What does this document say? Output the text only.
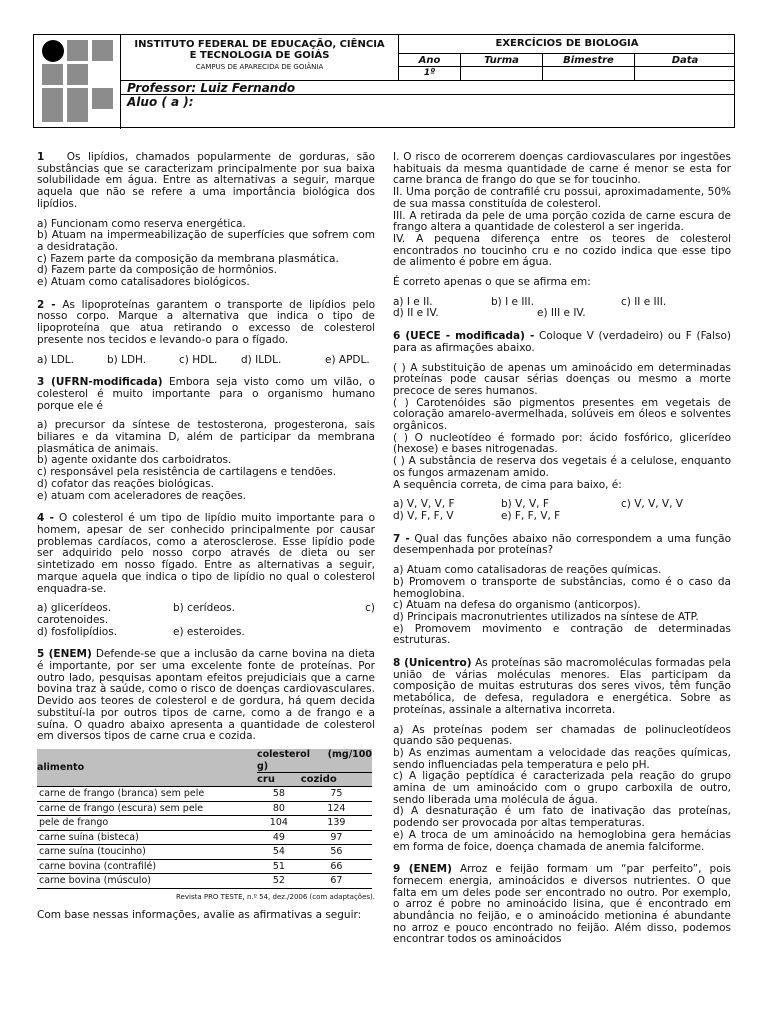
INSTITUTO FEDERAL DE EDUCAÇÃO, CIÊNCIA
E TECNOLOGIA DE GOIÁS
CAMPUS DE APARECIDA DE GOIÂNIA
EXERCÍCIOS DE BIOLOGIA
Ano
1º
Turma	Bimestre	Data
Professor: Luiz Fernando
Aluo ( a ):

1 Os lipídios, chamados popularmente de gorduras, são substâncias que se caracterizam principalmente por sua baixa solubilidade em água. Entre as alternativas a seguir, marque aquela que não se refere a uma importância biológica dos lipídios.

a) Funcionam como reserva energética.

b) Atuam na impermeabilização de superfícies que sofrem com a desidratação.

c) Fazem parte da composição da membrana plasmática.

d) Fazem parte da composição de hormônios.

e) Atuam como catalisadores biológicos.

2 - As lipoproteínas garantem o transporte de lipídios pelo nosso corpo. Marque a alternativa que indica o tipo de lipoproteína que atua retirando o excesso de colesterol presente nos tecidos e levando-o para o fígado.

a) LDL.	b) LDH.	c) HDL.	d) ILDL.	e) APDL.

3 (UFRN-modificada) Embora seja visto como um vilão, o colesterol é muito importante para o organismo humano porque ele é

a) precursor da síntese de testosterona, progesterona, sais biliares e da vitamina D, além de participar da membrana plasmática de animais.

b) agente oxidante dos carboidratos.

c) responsável pela resistência de cartilagens e tendões.

d) cofator das reações biológicas.

e) atuam com aceleradores de reações.

4 - O colesterol é um tipo de lipídio muito importante para o homem, apesar de ser conhecido principalmente por causar problemas cardíacos, como a aterosclerose. Esse lipídio pode ser adquirido pelo nosso corpo através de dieta ou ser sintetizado em nosso fígado. Entre as alternativas a seguir, marque aquela que indica o tipo de lipídio no qual o colesterol enquadra-se.

a) glicerídeos.	b) cerídeos.	c)

carotenoides.

d) fosfolipídios.	e) esteroides.

5 (ENEM) Defende-se que a inclusão da carne bovina na dieta é importante, por ser uma excelente fonte de proteínas. Por outro lado, pesquisas apontam efeitos prejudiciais que a carne bovina traz à saúde, como o risco de doenças cardiovasculares. Devido aos teores de colesterol e de gordura, há quem decida substituí-la por outros tipos de carne, como a de frango e a suína. O quadro abaixo apresenta a quantidade de colesterol em diversos tipos de carne crua e cozida.

alimento	colesterol (mg/100 g)	
	cru	cozido
carne de frango (branca) sem pele	58	75
carne de frango (escura) sem pele	80	124
pele de frango	104	139
carne suína (bisteca)	49	97
carne suína (toucinho)	54	56
carne bovina (contrafilé)	51	66
carne bovina (músculo)	52	67
Revista PRO TESTE, n.º 54, dez./2006 (com adaptações).

Com base nessas informações, avalie as afirmativas a seguir:

I. O risco de ocorrerem doenças cardiovasculares por ingestões habituais da mesma quantidade de carne é menor se esta for carne branca de frango do que se for toucinho.

II. Uma porção de contrafilé cru possui, aproximadamente, 50% de sua massa constituída de colesterol.

III. A retirada da pele de uma porção cozida de carne escura de frango altera a quantidade de colesterol a ser ingerida.

IV. A pequena diferença entre os teores de colesterol encontrados no toucinho cru e no cozido indica que esse tipo de alimento é pobre em água.

É correto apenas o que se afirma em:

a) I e II.	b) I e III.	c) II e III.
d) II e IV.	e) III e IV.

6 (UECE - modificada) - Coloque V (verdadeiro) ou F (Falso) para as afirmações abaixo.

( ) A substituição de apenas um aminoácido em determinadas proteínas pode causar sérias doenças ou mesmo a morte precoce de seres humanos.

( ) Carotenóides são pigmentos presentes em vegetais de coloração amarelo-avermelhada, solúveis em óleos e solventes orgânicos.

( ) O nucleotídeo é formado por: ácido fosfórico, glicerídeo (hexose) e bases nitrogenadas.

( ) A substância de reserva dos vegetais é a celulose, enquanto os fungos armazenam amido.

A sequência correta, de cima para baixo, é:

a) V, V, V, F	b) V, V, F	c) V, V, V, V
d) V, F, F, V	e) F, F, V, F

7 - Qual das funções abaixo não correspondem a uma função desempenhada por proteínas?

a) Atuam como catalisadoras de reações químicas.

b) Promovem o transporte de substâncias, como é o caso da hemoglobina.

c) Atuam na defesa do organismo (anticorpos).

d) Principais macronutrientes utilizados na síntese de ATP.

e) Promovem movimento e contração de determinadas estruturas.

8 (Unicentro) As proteínas são macromoléculas formadas pela união de várias moléculas menores. Elas participam da composição de muitas estruturas dos seres vivos, têm função metabólica, de defesa, reguladora e energética. Sobre as proteínas, assinale a alternativa incorreta.

a) As proteínas podem ser chamadas de polinucleotídeos quando são pequenas.

b) As enzimas aumentam a velocidade das reações químicas, sendo influenciadas pela temperatura e pelo pH.

c) A ligação peptídica é caracterizada pela reação do grupo amina de um aminoácido com o grupo carboxila de outro, sendo liberada uma molécula de água.

d) A desnaturação é um fato de inativação das proteínas, podendo ser provocada por altas temperaturas.

e) A troca de um aminoácido na hemoglobina gera hemácias em forma de foice, doença chamada de anemia falciforme.

9 (ENEM) Arroz e feijão formam um “par perfeito”, pois fornecem energia, aminoácidos e diversos nutrientes. O que falta em um deles pode ser encontrado no outro. Por exemplo, o arroz é pobre no aminoácido lisina, que é encontrado em abundância no feijão, e o aminoácido metionina é abundante no arroz e pouco encontrado no feijão. Além disso, podemos encontrar todos os aminoácidos
